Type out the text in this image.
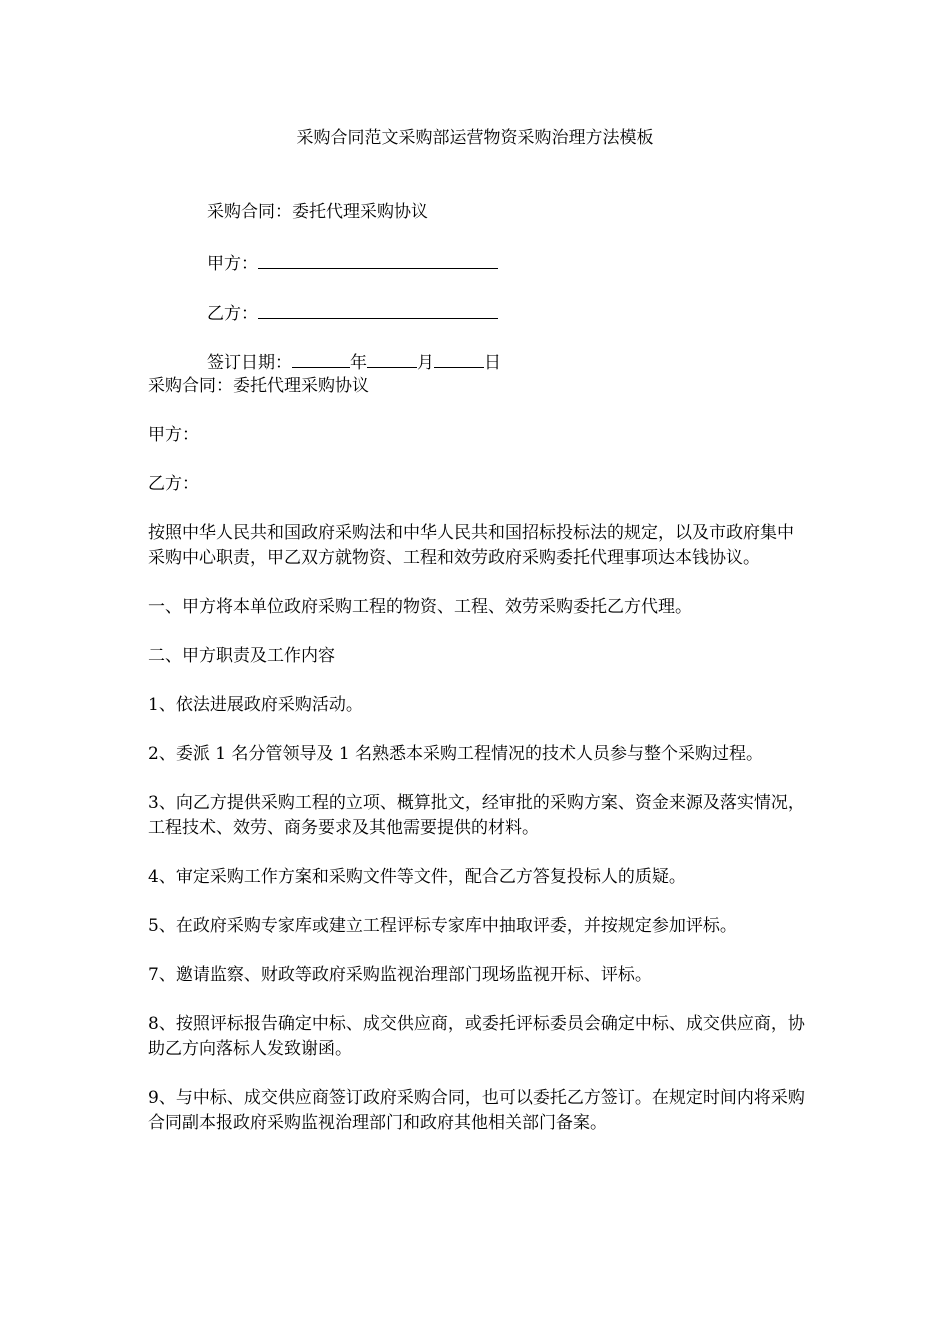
采购合同范文采购部运营物资采购治理方法模板
采购合同：委托代理采购协议
甲方：
乙方：
签订日期：	年	月	日

采购合同：委托代理采购协议

甲方：

乙方：

按照中华人民共和国政府采购法和中华人民共和国招标投标法的规定，以及市政府集中采购中心职责，甲乙双方就物资、工程和效劳政府采购委托代理事项达本钱协议。

一、甲方将本单位政府采购工程的物资、工程、效劳采购委托乙方代理。

二、甲方职责及工作内容

1、依法进展政府采购活动。

2、委派 1 名分管领导及 1 名熟悉本采购工程情况的技术人员参与整个采购过程。

3、向乙方提供采购工程的立项、概算批文，经审批的采购方案、资金来源及落实情况，工程技术、效劳、商务要求及其他需要提供的材料。

4、审定采购工作方案和采购文件等文件，配合乙方答复投标人的质疑。

5、在政府采购专家库或建立工程评标专家库中抽取评委，并按规定参加评标。

7、邀请监察、财政等政府采购监视治理部门现场监视开标、评标。

8、按照评标报告确定中标、成交供应商，或委托评标委员会确定中标、成交供应商，协助乙方向落标人发致谢函。

9、与中标、成交供应商签订政府采购合同，也可以委托乙方签订。在规定时间内将采购合同副本报政府采购监视治理部门和政府其他相关部门备案。
